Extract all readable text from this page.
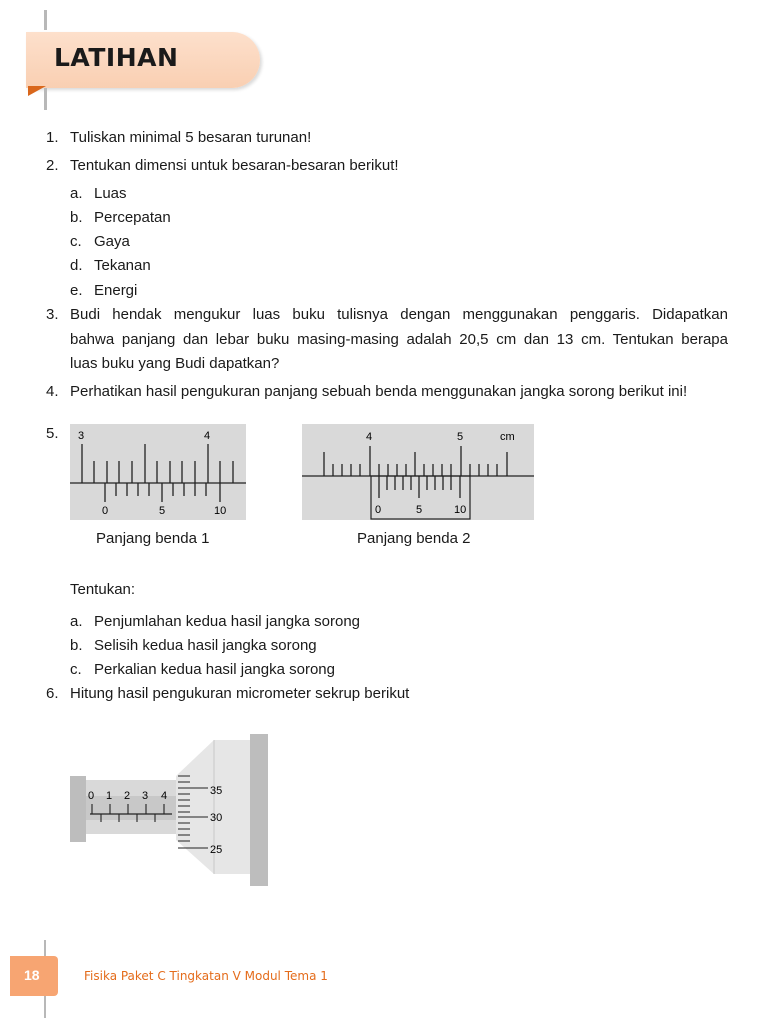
LATIHAN
1. Tuliskan minimal 5 besaran turunan!
2. Tentukan dimensi untuk besaran-besaran berikut!
a. Luas
b. Percepatan
c. Gaya
d. Tekanan
e. Energi
3. Budi hendak mengukur luas buku tulisnya dengan menggunakan penggaris. Didapatkan
bahwa panjang dan lebar buku masing-masing adalah 20,5 cm dan 13 cm. Tentukan berapa
luas buku yang Budi dapatkan?
4. Perhatikan hasil pengukuran panjang sebuah benda menggunakan jangka sorong berikut ini!
5. 3	4
0	5	10
Panjang benda 1
4	5	cm
0	5	10
Panjang benda 2
Tentukan:
a. Penjumlahan kedua hasil jangka sorong
b. Selisih kedua hasil jangka sorong
c. Perkalian kedua hasil jangka sorong
6. Hitung hasil pengukuran micrometer sekrup berikut
0 1 2 3 4	35
30
25
18	Fisika Paket C Tingkatan V Modul Tema 1
